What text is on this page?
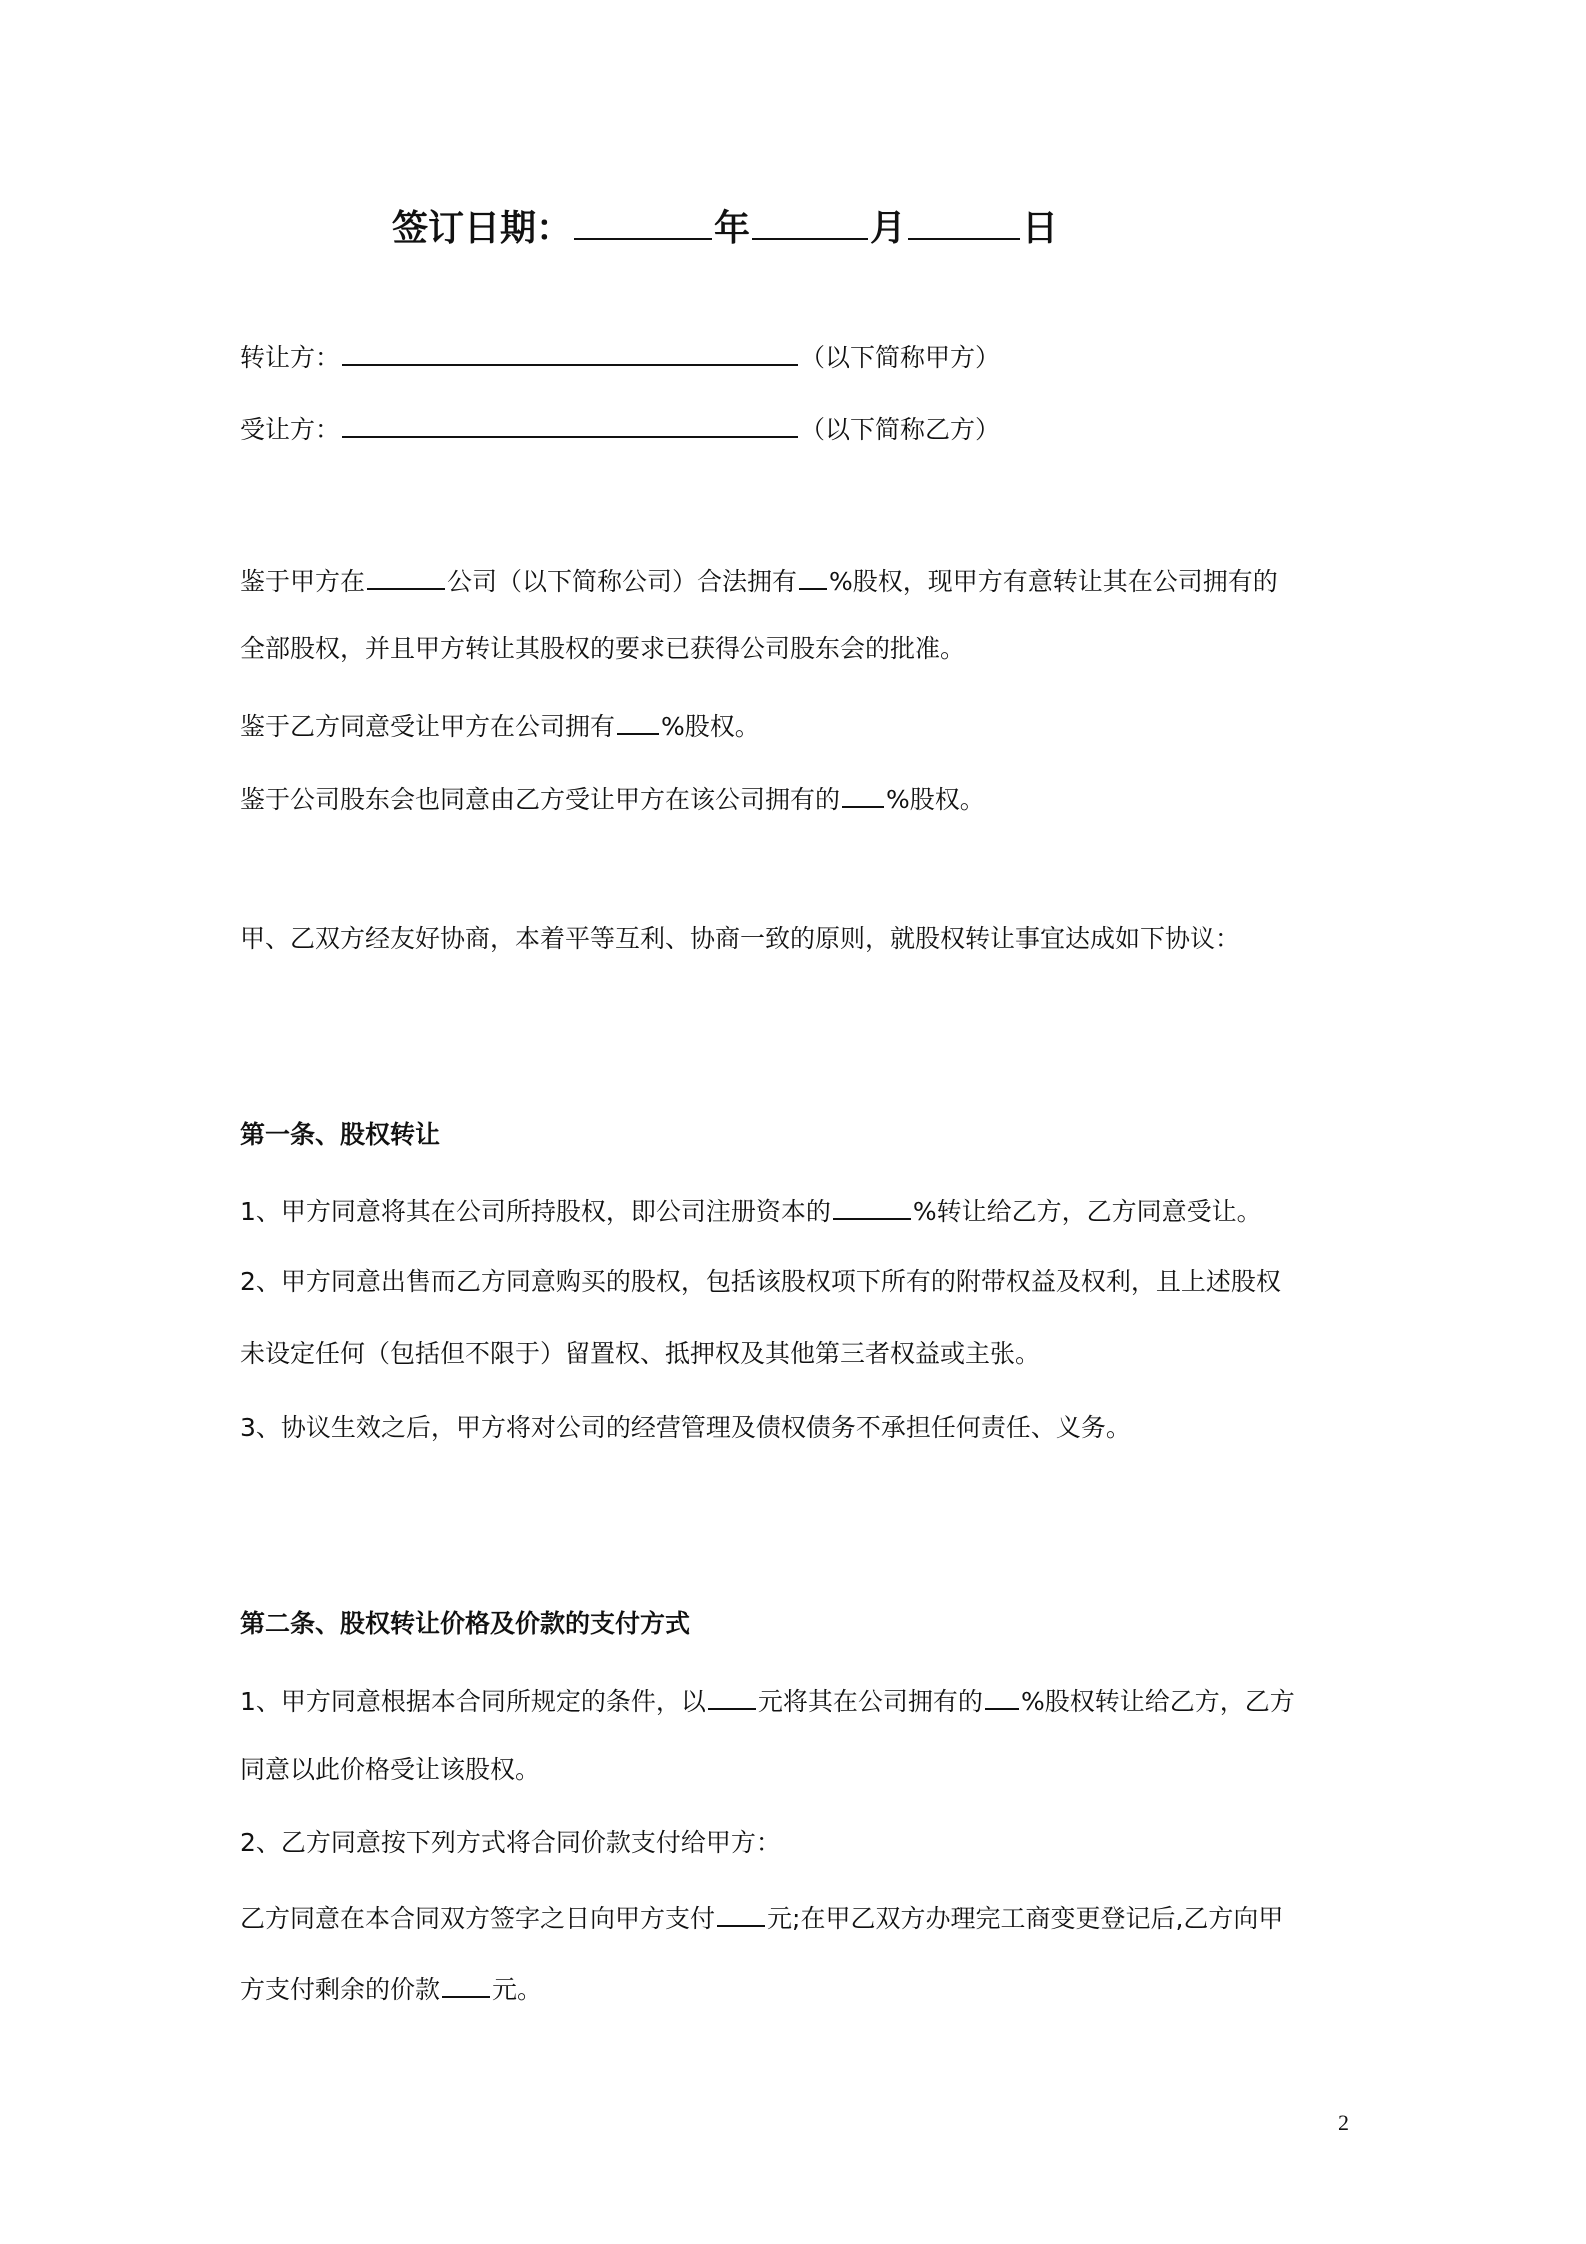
签订日期：	年	月	日
转让方：	（以下简称甲方）
受让方：	（以下简称乙方）
鉴于甲方在	公司（以下简称公司）合法拥有 %股权，现甲方有意转让其在公司拥有的
全部股权，并且甲方转让其股权的要求已获得公司股东会的批准。
鉴于乙方同意受让甲方在公司拥有 %股权。
鉴于公司股东会也同意由乙方受让甲方在该公司拥有的 %股权。
甲、乙双方经友好协商，本着平等互利、协商一致的原则，就股权转让事宜达成如下协议：
第一条、股权转让
1、甲方同意将其在公司所持股权，即公司注册资本的	%转让给乙方，乙方同意受让。
2、甲方同意出售而乙方同意购买的股权，包括该股权项下所有的附带权益及权利，且上述股权
未设定任何（包括但不限于）留置权、抵押权及其他第三者权益或主张。
3、协议生效之后，甲方将对公司的经营管理及债权债务不承担任何责任、义务。
第二条、股权转让价格及价款的支付方式
1、甲方同意根据本合同所规定的条件，以 元将其在公司拥有的 %股权转让给乙方，乙方
同意以此价格受让该股权。
2、乙方同意按下列方式将合同价款支付给甲方：
乙方同意在本合同双方签字之日向甲方支付 元;在甲乙双方办理完工商变更登记后,乙方向甲
方支付剩余的价款 元。
2
